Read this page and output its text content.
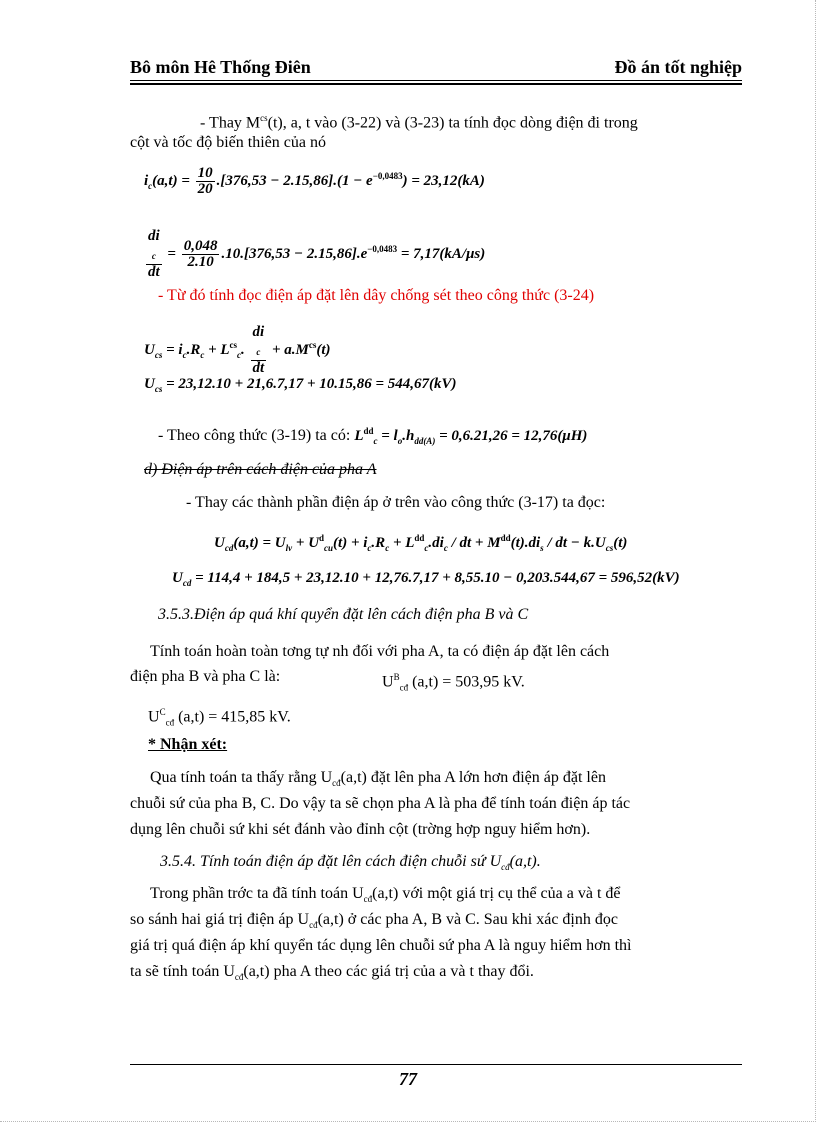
Bô môn Hê Thống Điên	Đồ án tốt nghiệp
- Thay $M^{cs}(t)$, a, t vào (3-22) và (3-23) ta tính đọc dòng điện đi trong
cột và tốc độ biến thiên của nó
$i_c(a,t) = \frac{10}{20} .[376,53 - 2.15,86].(1 - e^{-0,0483}) = 23,12(kA)$
di
$_c$
dt = $\frac{0,048}{2.10} .10.[376,53 - 2.15,86].e^{-0,0483} = 7,17(kA/\mu s)$
- Từ đó tính đọc điện áp đặt lên dây chống sét theo công thức (3-24)
$U_{cs} = i_c.R_c + L^{cs}_c$. di
$_c$
dt + $a.M^{cs}(t)$
$U_{cs} = 23,12.10 + 21,6.7,17 + 10.15,86 = 544,67(kV)$
- Theo công thức (3-19) ta có: $L^{dd}_c = l_o.h_{dd(A)} = 0,6.21,26 = 12,76(\mu H)$
d) Điện áp trên cách điện của pha A
- Thay các thành phần điện áp ở trên vào công thức (3-17) ta đọc:
$U_{cd}(a,t) = U_{lv} + U^d_{cu}(t) + i_c.R_c + L^{dd}_c.di_c$ / dt + $M^{dd}(t).di_s$ / dt − $k.U_{cs}(t)$
$U_{cd} = 114,4 + 184,5 + 23,12.10 + 12,76.7,17 + 8,55.10 - 0,203.544,67 = 596,52(kV)$
3.5.3.Điện áp quá khí quyển đặt lên cách điện pha B và C
Tính toán hoàn toàn tơng tự nh đối với pha A, ta có điện áp đặt lên cách
điện pha B và pha C là:	$U^B_{cđ}$ (a,t) = 503,95 kV.
$U^C_{cđ}$ (a,t) = 415,85 kV.
* Nhận xét:
Qua tính toán ta thấy rằng $U_{cđ}(a,t)$ đặt lên pha A lớn hơn điện áp đặt lên
chuỗi sứ của pha B, C. Do vậy ta sẽ chọn pha A là pha để tính toán điện áp tác
dụng lên chuỗi sứ khi sét đánh vào đỉnh cột (trờng hợp nguy hiểm hơn).
3.5.4. Tính toán điện áp đặt lên cách điện chuỗi sứ $U_{cđ}(a,t)$.
Trong phần trớc ta đã tính toán $U_{cđ}(a,t)$ với một giá trị cụ thể của a và t để
so sánh hai giá trị điện áp $U_{cđ}(a,t)$ ở các pha A, B và C. Sau khi xác định đọc
giá trị quá điện áp khí quyển tác dụng lên chuỗi sứ pha A là nguy hiểm hơn thì
ta sẽ tính toán $U_{cđ}(a,t)$ pha A theo các giá trị của a và t thay đổi.
77
